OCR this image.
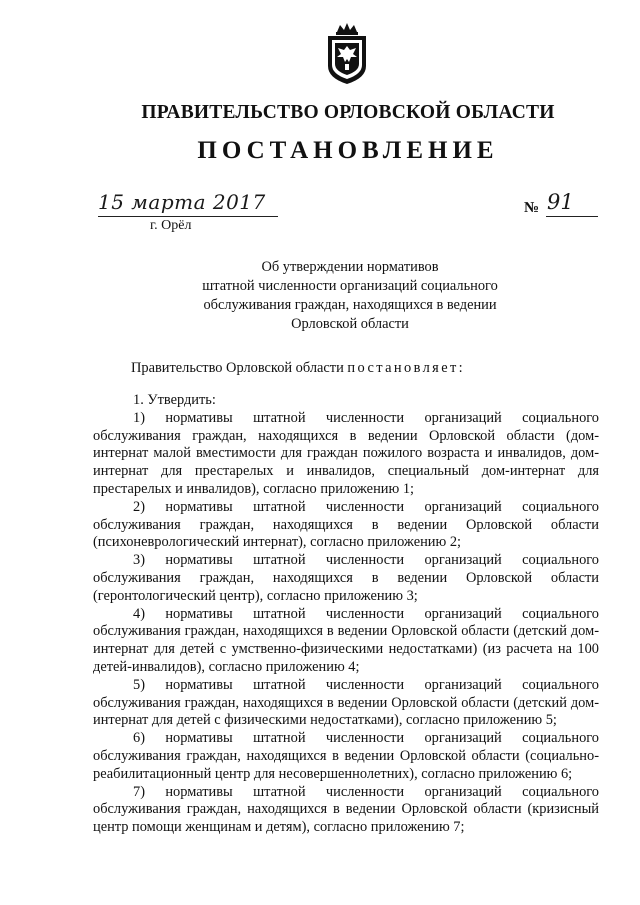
ПРАВИТЕЛЬСТВО ОРЛОВСКОЙ ОБЛАСТИ
ПОСТАНОВЛЕНИЕ
15 марта 2017	№ 91
г. Орёл
Об утверждении нормативов
штатной численности организаций социального
обслуживания граждан, находящихся в ведении
Орловской области
Правительство Орловской области постановляет:

1. Утвердить:

1) нормативы штатной численности организаций социального обслуживания граждан, находящихся в ведении Орловской области (дом-интернат малой вместимости для граждан пожилого возраста и инвалидов, дом-интернат для престарелых и инвалидов, специальный дом-интернат для престарелых и инвалидов), согласно приложению 1;

2) нормативы штатной численности организаций социального обслуживания граждан, находящихся в ведении Орловской области (психоневрологический интернат), согласно приложению 2;

3) нормативы штатной численности организаций социального обслуживания граждан, находящихся в ведении Орловской области (геронтологический центр), согласно приложению 3;

4) нормативы штатной численности организаций социального обслуживания граждан, находящихся в ведении Орловской области (детский дом-интернат для детей с умственно-физическими недостатками) (из расчета на 100 детей-инвалидов), согласно приложению 4;

5) нормативы штатной численности организаций социального обслуживания граждан, находящихся в ведении Орловской области (детский дом-интернат для детей с физическими недостатками), согласно приложению 5;

6) нормативы штатной численности организаций социального обслуживания граждан, находящихся в ведении Орловской области (социально-реабилитационный центр для несовершеннолетних), согласно приложению 6;

7) нормативы штатной численности организаций социального обслуживания граждан, находящихся в ведении Орловской области (кризисный центр помощи женщинам и детям), согласно приложению 7;
